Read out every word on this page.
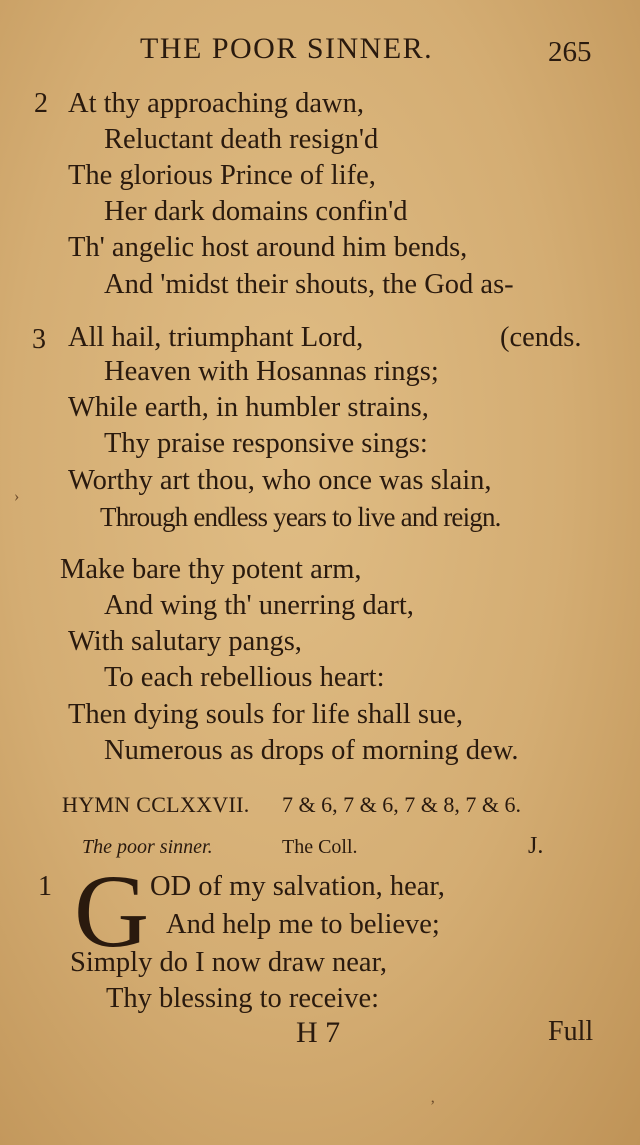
THE POOR SINNER.	265
2 At thy approaching dawn,
Reluctant death resign'd
The glorious Prince of life,
Her dark domains confin'd
Th' angelic host around him bends,
And 'midst their shouts, the God as-
3 All hail, triumphant Lord,	(cends.
Heaven with Hosannas rings;
While earth, in humbler strains,
Thy praise responsive sings:
Worthy art thou, who once was slain,
Through endless years to live and reign.
Make bare thy potent arm,
And wing th' unerring dart,
With salutary pangs,
To each rebellious heart:
Then dying souls for life shall sue,
Numerous as drops of morning dew.
HYMN CCLXXVII. 7 & 6, 7 & 6, 7 & 8, 7 & 6.
The poor sinner.	The Coll.	J.
1 G OD of my salvation, hear,
And help me to believe;
Simply do I now draw near,
Thy blessing to receive:
H 7	Full
›
’
